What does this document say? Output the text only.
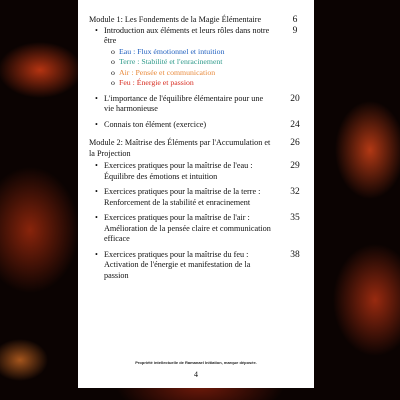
Module 1: Les Fondements de la Magie Élémentaire	6
• Introduction aux éléments et leurs rôles dans notre être
9
o Eau : Flux émotionnel et intuition
o Terre : Stabilité et l'enracinement
o Air : Pensée et communication
o Feu : Énergie et passion
• L'importance de l'équilibre élémentaire pour une vie harmonieuse
20
• Connais ton élément (exercice)	24
Module 2: Maîtrise des Éléments par l'Accumulation et la Projection
26
• Exercices pratiques pour la maîtrise de l'eau : Équilibre des émotions et intuition
29
• Exercices pratiques pour la maîtrise de la terre : Renforcement de la stabilité et enracinement
32
• Exercices pratiques pour la maîtrise de l'air : Amélioration de la pensée claire et communication efficace
35
• Exercices pratiques pour la maîtrise du feu : Activation de l'énergie et manifestation de la passion
38
Propriété intellectuelle de Ramanael Initiation, marque déposée.
4
